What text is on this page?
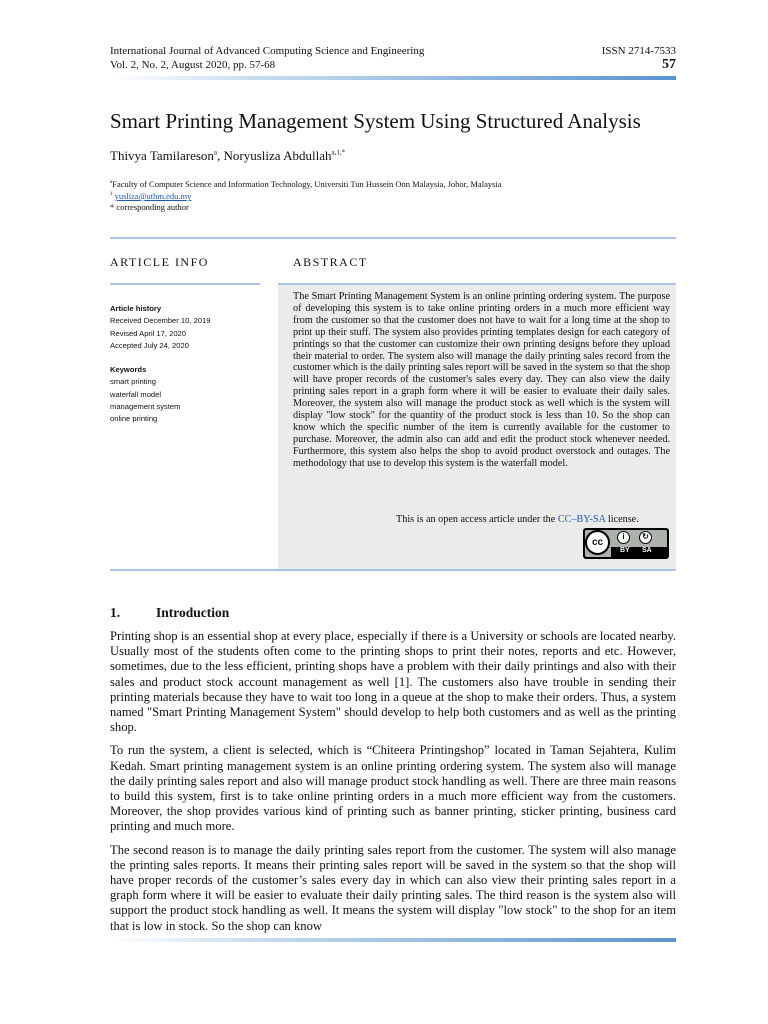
International Journal of Advanced Computing Science and Engineering
Vol. 2, No. 2, August 2020, pp. 57-68
ISSN 2714-7533
57
Smart Printing Management System Using Structured Analysis
Thivya Tamilareson$^a$, Noryusliza Abdullah$^{a,1,*}$
$^a$Faculty of Computer Science and Information Technology, Universiti Tun Hussein Onn Malaysia, Johor, Malaysia
$^1$ yusliza@uthm.edu.my
* corresponding author
ARTICLE INFO
Article history
Received December 10, 2019
Revised April 17, 2020
Accepted July 24, 2020
Keywords
smart printing
waterfall model
management system
online printing
ABSTRACT
The Smart Printing Management System is an online printing ordering system. The purpose of developing this system is to take online printing orders in a much more efficient way from the customer so that the customer does not have to wait for a long time at the shop to print up their stuff. The system also provides printing templates design for each category of printings so that the customer can customize their own printing designs before they upload their material to order. The system also will manage the daily printing sales record from the customer which is the daily printing sales report will be saved in the system so that the shop will have proper records of the customer's sales every day. They can also view the daily printing sales report in a graph form where it will be easier to evaluate their daily sales. Moreover, the system also will manage the product stock as well which is the system will display "low stock" for the quantity of the product stock is less than 10. So the shop can know which the specific number of the item is currently available for the customer to purchase. Moreover, the admin also can add and edit the product stock whenever needed. Furthermore, this system also helps the shop to avoid product overstock and outages. The methodology that use to develop this system is the waterfall model.
This is an open access article under the CC–BY-SA license.
cc
i	↻
BY SA
1.	Introduction

Printing shop is an essential shop at every place, especially if there is a University or schools are located nearby. Usually most of the students often come to the printing shops to print their notes, reports and etc. However, sometimes, due to the less efficient, printing shops have a problem with their daily printings and also with their sales and product stock account management as well [1]. The customers also have trouble in sending their printing materials because they have to wait too long in a queue at the shop to make their orders. Thus, a system named "Smart Printing Management System" should develop to help both customers and as well as the printing shop.

To run the system, a client is selected, which is “Chiteera Printingshop” located in Taman Sejahtera, Kulim Kedah. Smart printing management system is an online printing ordering system. The system also will manage the daily printing sales report and also will manage product stock handling as well. There are three main reasons to build this system, first is to take online printing orders in a much more efficient way from the customers. Moreover, the shop provides various kind of printing such as banner printing, sticker printing, business card printing and much more.

The second reason is to manage the daily printing sales report from the customer. The system will also manage the printing sales reports. It means their printing sales report will be saved in the system so that the shop will have proper records of the customer’s sales every day in which can also view their printing sales report in a graph form where it will be easier to evaluate their daily printing sales. The third reason is the system also will support the product stock handling as well. It means the system will display "low stock" to the shop for an item that is low in stock. So the shop can know
